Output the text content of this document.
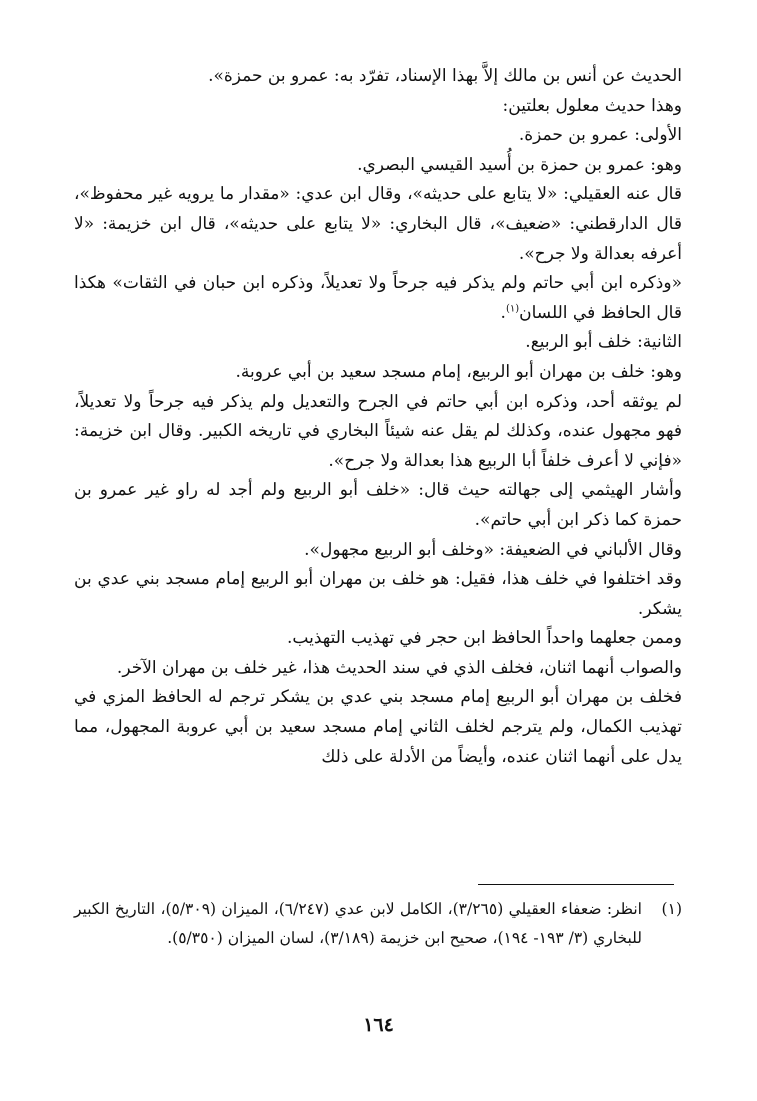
الحديث عن أنس بن مالك إلاَّ بهذا الإسناد، تفرّد به: عمرو بن حمزة».

وهذا حديث معلول بعلتين:

الأولى: عمرو بن حمزة.

وهو: عمرو بن حمزة بن أُسيد القيسي البصري.

قال عنه العقيلي: «لا يتابع على حديثه»، وقال ابن عدي: «مقدار ما يرويه غير محفوظ»، قال الدارقطني: «ضعيف»، قال البخاري: «لا يتابع على حديثه»، قال ابن خزيمة: «لا أعرفه بعدالة ولا جرح».

«وذكره ابن أبي حاتم ولم يذكر فيه جرحاً ولا تعديلاً، وذكره ابن حبان في الثقات» هكذا قال الحافظ في اللسان$^{(١)}$.

الثانية: خلف أبو الربيع.

وهو: خلف بن مهران أبو الربيع، إمام مسجد سعيد بن أبي عروبة.

لم يوثقه أحد، وذكره ابن أبي حاتم في الجرح والتعديل ولم يذكر فيه جرحاً ولا تعديلاً، فهو مجهول عنده، وكذلك لم يقل عنه شيئاً البخاري في تاريخه الكبير. وقال ابن خزيمة: «فإني لا أعرف خلفاً أبا الربيع هذا بعدالة ولا جرح».

وأشار الهيثمي إلى جهالته حيث قال: «خلف أبو الربيع ولم أجد له راو غير عمرو بن حمزة كما ذكر ابن أبي حاتم».

وقال الألباني في الضعيفة: «وخلف أبو الربيع مجهول».

وقد اختلفوا في خلف هذا، فقيل: هو خلف بن مهران أبو الربيع إمام مسجد بني عدي بن يشكر.

وممن جعلهما واحداً الحافظ ابن حجر في تهذيب التهذيب.

والصواب أنهما اثنان، فخلف الذي في سند الحديث هذا، غير خلف بن مهران الآخر.

فخلف بن مهران أبو الربيع إمام مسجد بني عدي بن يشكر ترجم له الحافظ المزي في تهذيب الكمال، ولم يترجم لخلف الثاني إمام مسجد سعيد بن أبي عروبة المجهول، مما يدل على أنهما اثنان عنده، وأيضاً من الأدلة على ذلك

(١)
انظر: ضعفاء العقيلي (٣/٢٦٥)، الكامل لابن عدي (٦/٢٤٧)، الميزان (٥/٣٠٩)، التاريخ الكبير للبخاري (٣/ ١٩٣- ١٩٤)، صحيح ابن خزيمة (٣/١٨٩)، لسان الميزان (٥/٣٥٠).

١٦٤
